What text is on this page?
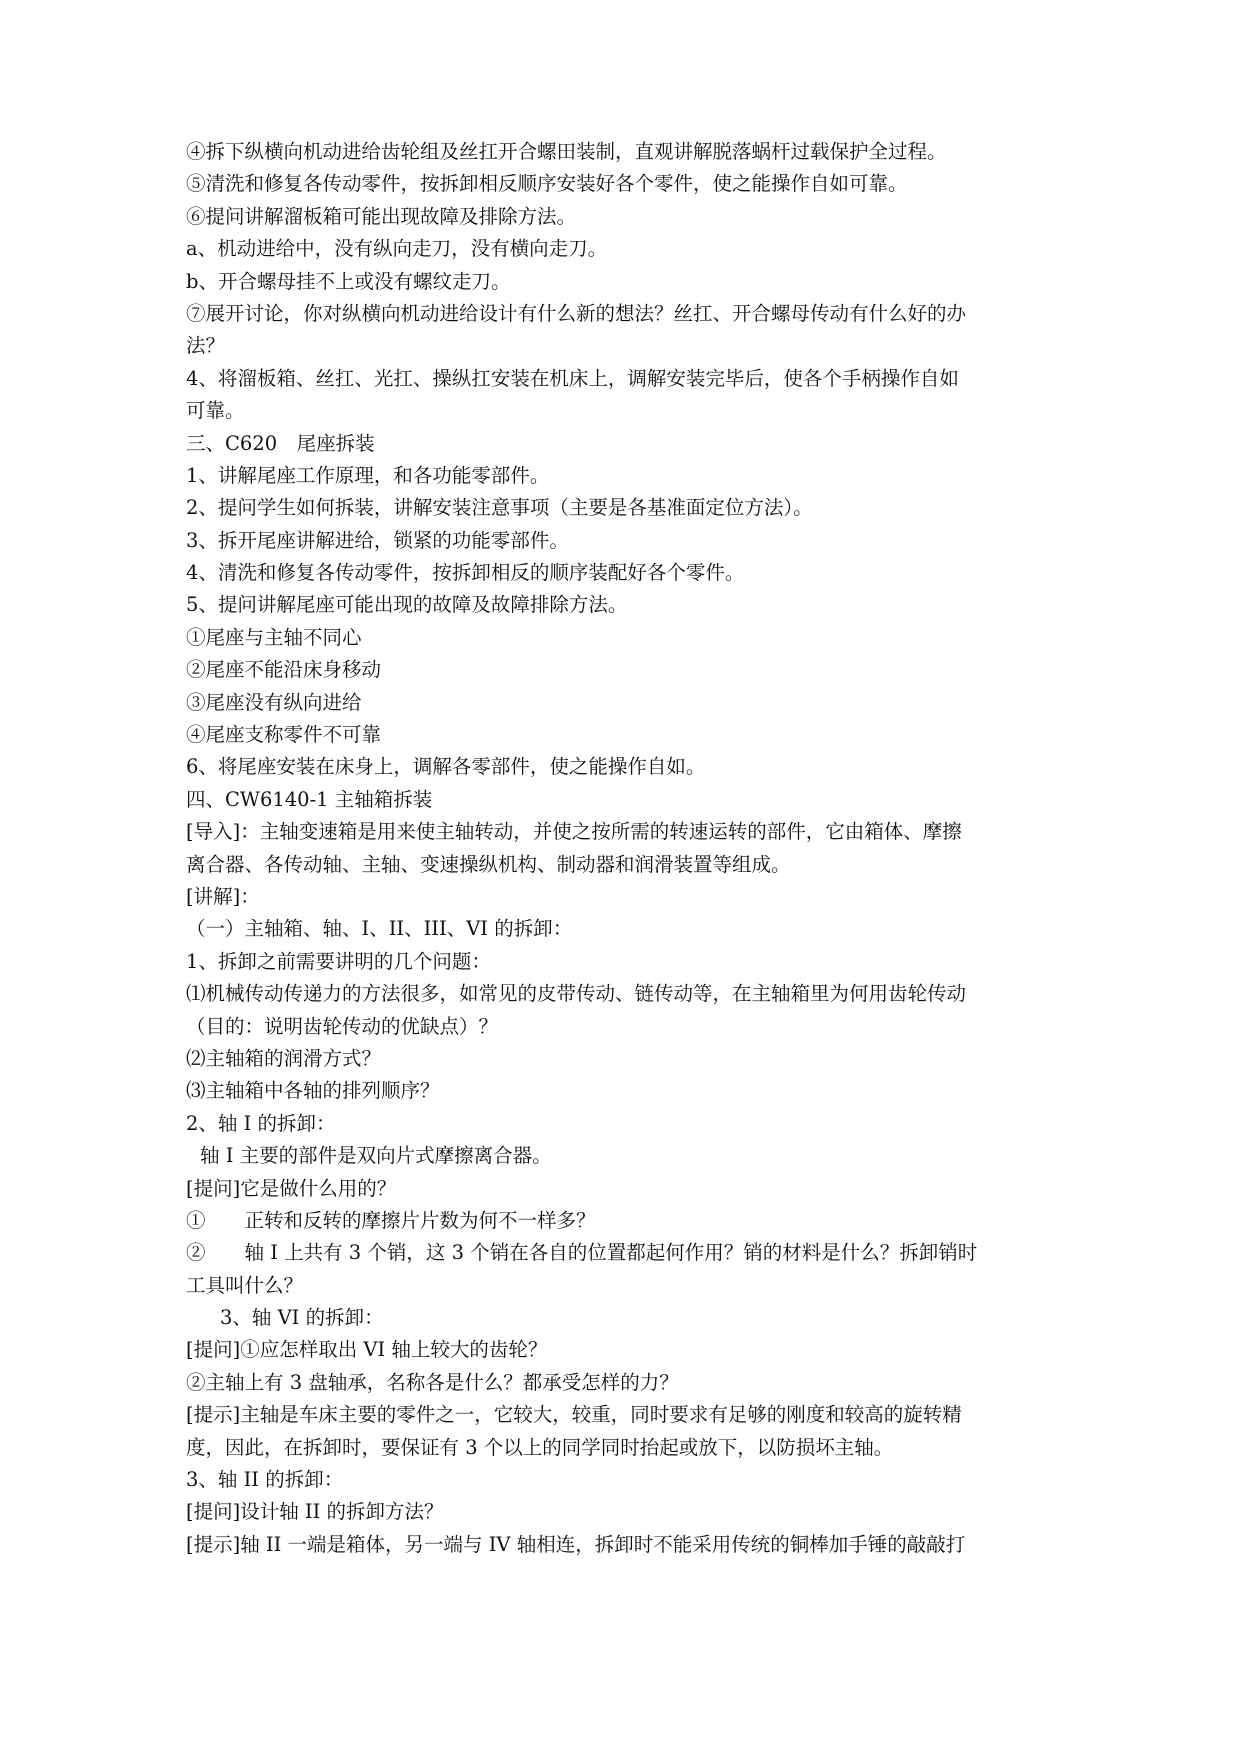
④拆下纵横向机动进给齿轮组及丝扛开合螺田装制，直观讲解脱落蜗杆过载保护全过程。
⑤清洗和修复各传动零件，按拆卸相反顺序安装好各个零件，使之能操作自如可靠。
⑥提问讲解溜板箱可能出现故障及排除方法。
a、机动进给中，没有纵向走刀，没有横向走刀。
b、开合螺母挂不上或没有螺纹走刀。
⑦展开讨论，你对纵横向机动进给设计有什么新的想法？丝扛、开合螺母传动有什么好的办
法？
4、将溜板箱、丝扛、光扛、操纵扛安装在机床上，调解安装完毕后，使各个手柄操作自如
可靠。
三、C620　尾座拆装
1、讲解尾座工作原理，和各功能零部件。
2、提问学生如何拆装，讲解安装注意事项（主要是各基准面定位方法）。
3、拆开尾座讲解进给，锁紧的功能零部件。
4、清洗和修复各传动零件，按拆卸相反的顺序装配好各个零件。
5、提问讲解尾座可能出现的故障及故障排除方法。
①尾座与主轴不同心
②尾座不能沿床身移动
③尾座没有纵向进给
④尾座支称零件不可靠
6、将尾座安装在床身上，调解各零部件，使之能操作自如。
四、CW6140-1 主轴箱拆装
[导入]：主轴变速箱是用来使主轴转动，并使之按所需的转速运转的部件，它由箱体、摩擦
离合器、各传动轴、主轴、变速操纵机构、制动器和润滑装置等组成。
[讲解]：
（一）主轴箱、轴、I、II、III、VI 的拆卸：
1、拆卸之前需要讲明的几个问题：
⑴机械传动传递力的方法很多，如常见的皮带传动、链传动等，在主轴箱里为何用齿轮传动
（目的：说明齿轮传动的优缺点）？
⑵主轴箱的润滑方式？
⑶主轴箱中各轴的排列顺序？
2、轴 I 的拆卸：
轴 I 主要的部件是双向片式摩擦离合器。
[提问]它是做什么用的？
①　　正转和反转的摩擦片片数为何不一样多？
②　　轴 I 上共有 3 个销，这 3 个销在各自的位置都起何作用？销的材料是什么？拆卸销时
工具叫什么？
3、轴 VI 的拆卸：
[提问]①应怎样取出 VI 轴上较大的齿轮？
②主轴上有 3 盘轴承，名称各是什么？都承受怎样的力？
[提示]主轴是车床主要的零件之一，它较大，较重，同时要求有足够的刚度和较高的旋转精
度，因此，在拆卸时，要保证有 3 个以上的同学同时抬起或放下，以防损坏主轴。
3、轴 II 的拆卸：
[提问]设计轴 II 的拆卸方法？
[提示]轴 II 一端是箱体，另一端与 IV 轴相连，拆卸时不能采用传统的铜棒加手锤的敲敲打
